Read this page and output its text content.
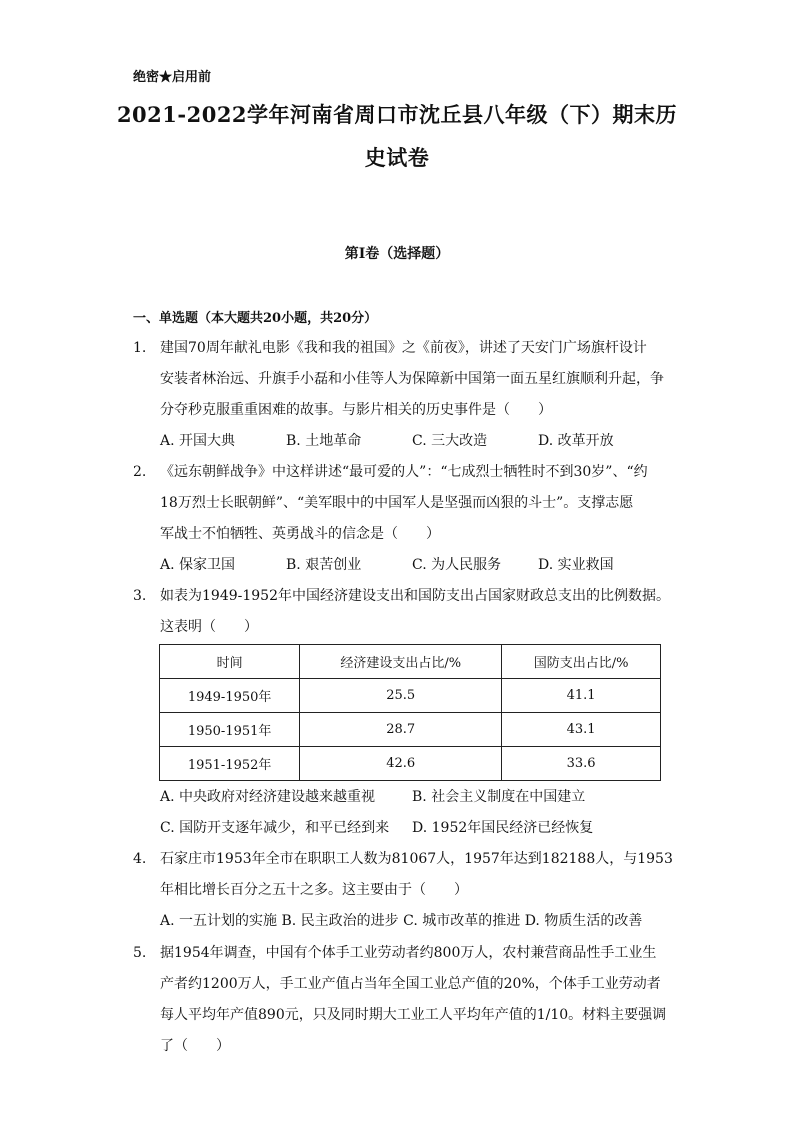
绝密★启用前
2021-2022学年河南省周口市沈丘县八年级（下）期末历
史试卷
第I卷（选择题）
一、单选题（本大题共20小题，共20分）
1. 建国70周年献礼电影《我和我的祖国》之《前夜》，讲述了天安门广场旗杆设计
安装者林治远、升旗手小磊和小佳等人为保障新中国第一面五星红旗顺利升起，争
分夺秒克服重重困难的故事。与影片相关的历史事件是（　　）
A. 开国大典	B. 土地革命	C. 三大改造	D. 改革开放
2. 《远东朝鲜战争》中这样讲述“最可爱的人”：“七成烈士牺牲时不到30岁”、“约
18万烈士长眠朝鲜”、“美军眼中的中国军人是坚强而凶狠的斗士”。支撑志愿
军战士不怕牺牲、英勇战斗的信念是（　　）
A. 保家卫国	B. 艰苦创业	C. 为人民服务	D. 实业救国
3. 如表为1949-1952年中国经济建设支出和国防支出占国家财政总支出的比例数据。
这表明（　　）
时间	经济建设支出占比/%	国防支出占比/%
1949-1950年	25.5	41.1
1950-1951年	28.7	43.1
1951-1952年	42.6	33.6
A. 中央政府对经济建设越来越重视	B. 社会主义制度在中国建立
C. 国防开支逐年减少，和平已经到来	D. 1952年国民经济已经恢复
4. 石家庄市1953年全市在职职工人数为81067人，1957年达到182188人，与1953
年相比增长百分之五十之多。这主要由于（　　）
A. 一五计划的实施
B. 民主政治的进步
C. 城市改革的推进
D. 物质生活的改善
5. 据1954年调查，中国有个体手工业劳动者约800万人，农村兼营商品性手工业生
产者约1200万人，手工业产值占当年全国工业总产值的20%，个体手工业劳动者
每人平均年产值890元，只及同时期大工业工人平均年产值的1/10。材料主要强调
了（　　）
